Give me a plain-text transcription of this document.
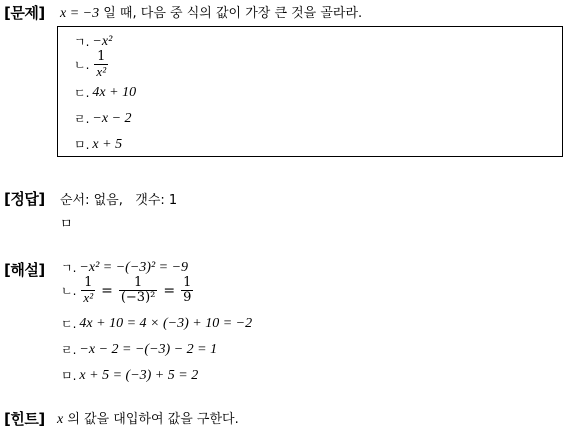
[문제] x = −3 일 때, 다음 중 식의 값이 가장 큰 것을 골라라.
ㄱ. −x²
ㄴ. $\frac{1}{\text{x²}}$
ㄷ. 4x + 10
ㄹ. −x − 2
ㅁ. x + 5
[정답] 순서: 없음, 갯수: 1
ㅁ
[해설] ㄱ. −x² = −(−3)² = −9
ㄴ. $\frac{1}{\text{x²}} = \frac{1}{\text{(−3)²}} = \frac{1}{9}$
ㄷ. 4x + 10 = 4 × (−3) + 10 = −2
ㄹ. −x − 2 = −(−3) − 2 = 1
ㅁ. x + 5 = (−3) + 5 = 2
[힌트] x 의 값을 대입하여 값을 구한다.
